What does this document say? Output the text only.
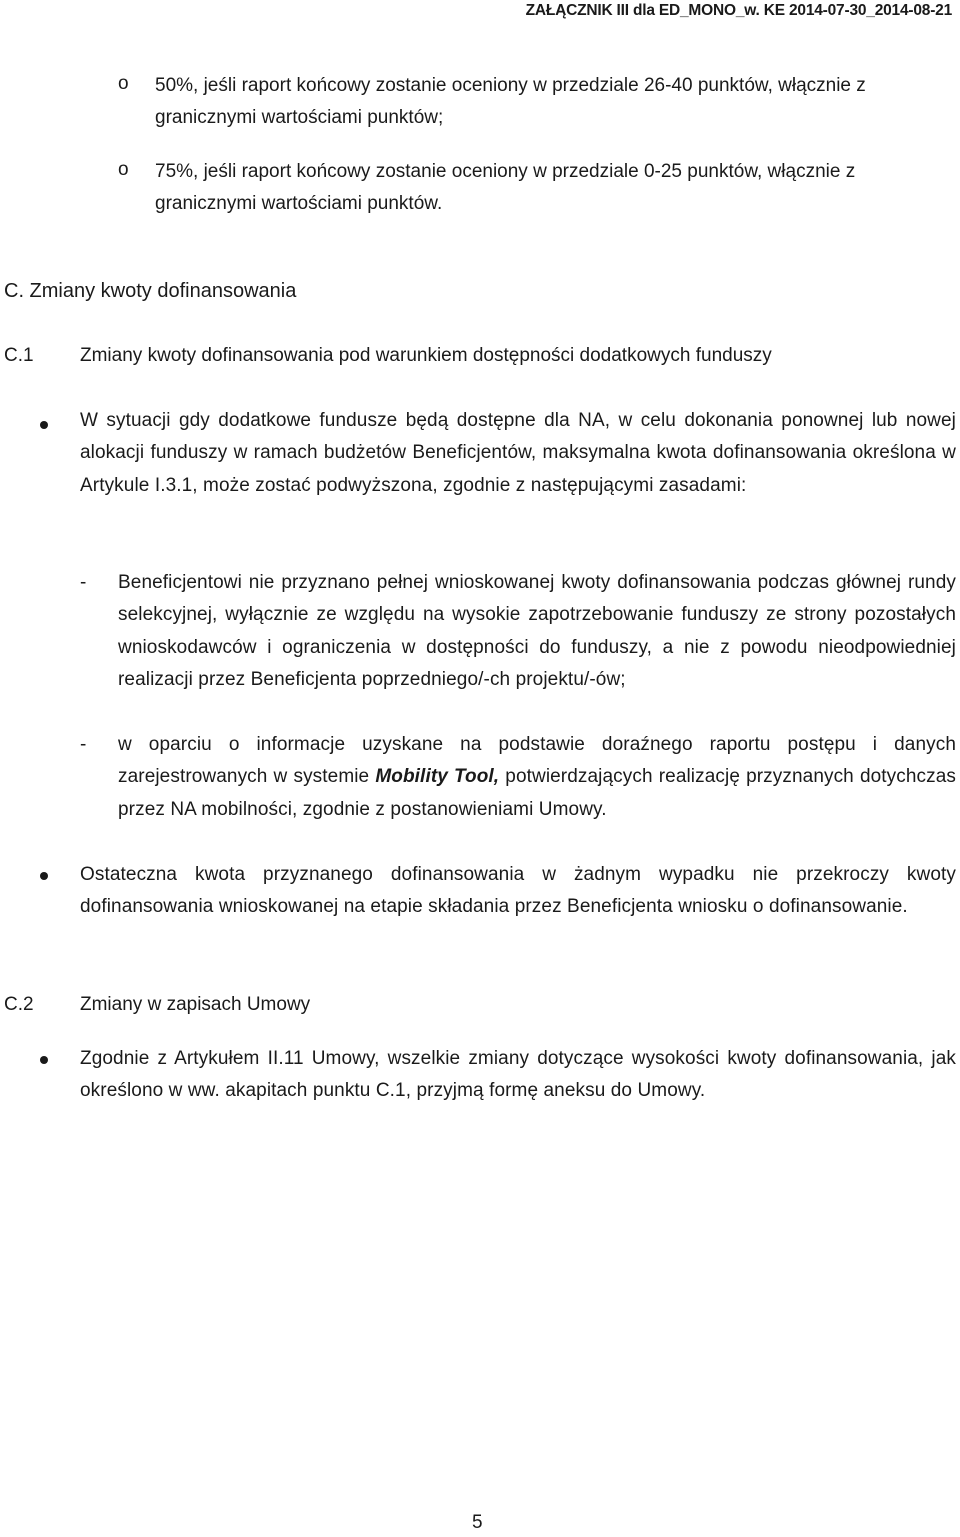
ZAŁĄCZNIK III dla ED_MONO_w. KE 2014-07-30_2014-08-21
o 50%, jeśli raport końcowy zostanie oceniony w przedziale 26-40 punktów, włącznie z granicznymi wartościami punktów;
o 75%, jeśli raport końcowy zostanie oceniony w przedziale 0-25 punktów, włącznie z granicznymi wartościami punktów.
C. Zmiany kwoty dofinansowania
C.1 Zmiany kwoty dofinansowania pod warunkiem dostępności dodatkowych funduszy
W sytuacji gdy dodatkowe fundusze będą dostępne dla NA, w celu dokonania ponownej lub nowej alokacji funduszy w ramach budżetów Beneficjentów, maksymalna kwota dofinansowania określona w Artykule I.3.1, może zostać podwyższona, zgodnie z następującymi zasadami:
- Beneficjentowi nie przyznano pełnej wnioskowanej kwoty dofinansowania podczas głównej rundy selekcyjnej, wyłącznie ze względu na wysokie zapotrzebowanie funduszy ze strony pozostałych wnioskodawców i ograniczenia w dostępności do funduszy, a nie z powodu nieodpowiedniej realizacji przez Beneficjenta poprzedniego/-ch projektu/-ów;
- w oparciu o informacje uzyskane na podstawie doraźnego raportu postępu i danych zarejestrowanych w systemie Mobility Tool, potwierdzających realizację przyznanych dotychczas przez NA mobilności, zgodnie z postanowieniami Umowy.
Ostateczna kwota przyznanego dofinansowania w żadnym wypadku nie przekroczy kwoty dofinansowania wnioskowanej na etapie składania przez Beneficjenta wniosku o dofinansowanie.
C.2 Zmiany w zapisach Umowy
Zgodnie z Artykułem II.11 Umowy, wszelkie zmiany dotyczące wysokości kwoty dofinansowania, jak określono w ww. akapitach punktu C.1, przyjmą formę aneksu do Umowy.
5
